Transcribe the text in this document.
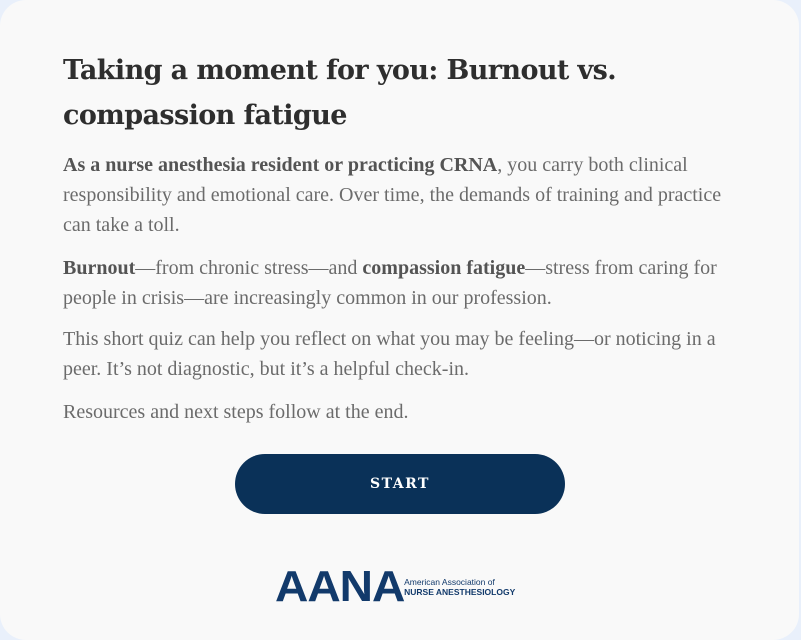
Taking a moment for you: Burnout vs. compassion fatigue

As a nurse anesthesia resident or practicing CRNA, you carry both clinical responsibility and emotional care. Over time, the demands of training and practice can take a toll.

Burnout—from chronic stress—and compassion fatigue—stress from caring for people in crisis—are increasingly common in our profession.

This short quiz can help you reflect on what you may be feeling—or noticing in a peer. It’s not diagnostic, but it’s a helpful check-in.

Resources and next steps follow at the end.

START
AANA American Association of
NURSE ANESTHESIOLOGY
